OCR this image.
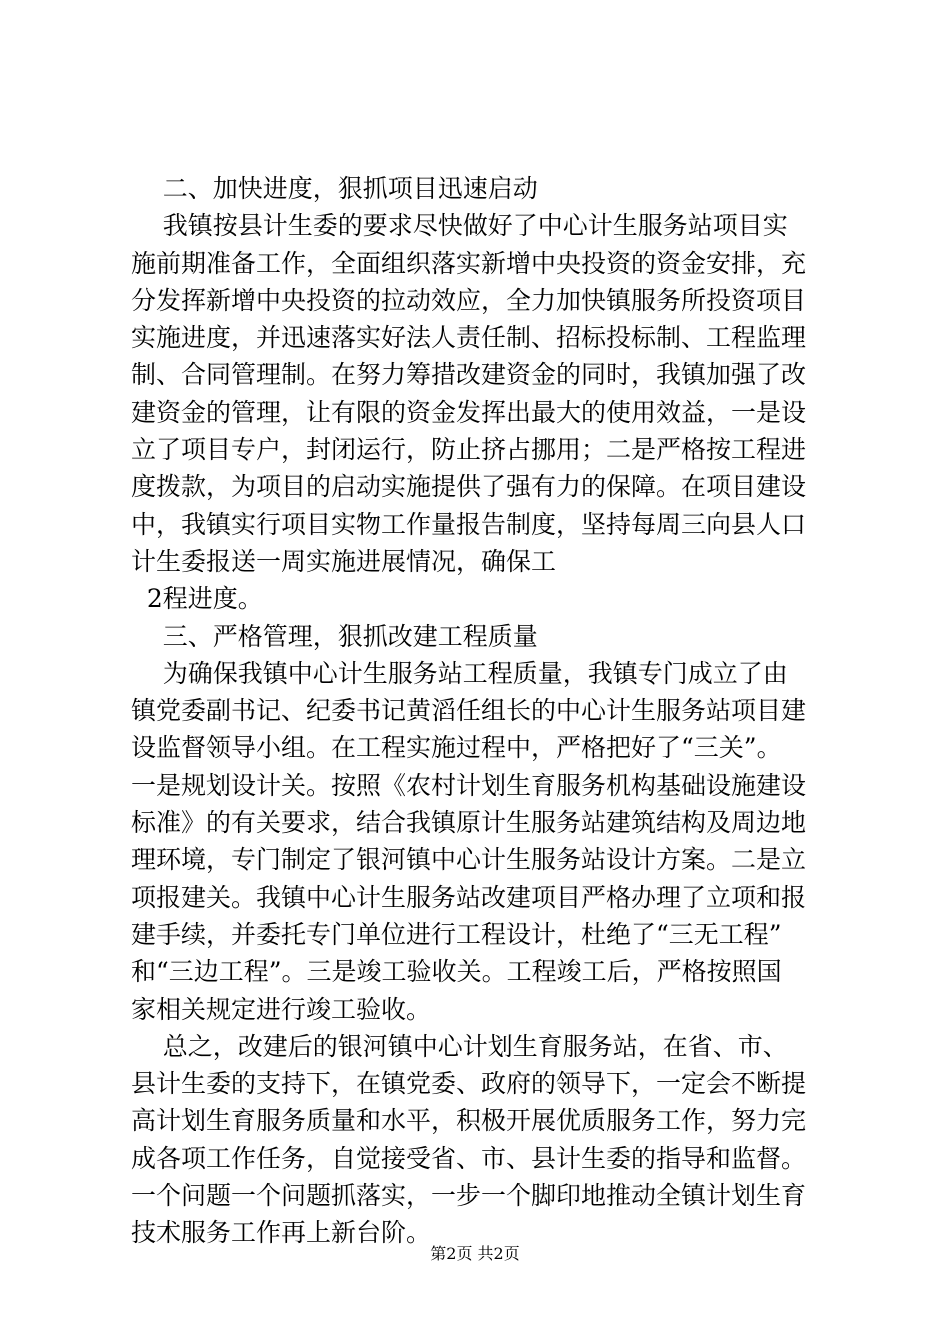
二、加快进度，狠抓项目迅速启动
我镇按县计生委的要求尽快做好了中心计生服务站项目实
施前期准备工作，全面组织落实新增中央投资的资金安排，充
分发挥新增中央投资的拉动效应，全力加快镇服务所投资项目
实施进度，并迅速落实好法人责任制、招标投标制、工程监理
制、合同管理制。在努力筹措改建资金的同时，我镇加强了改
建资金的管理，让有限的资金发挥出最大的使用效益，一是设
立了项目专户，封闭运行，防止挤占挪用；二是严格按工程进
度拨款，为项目的启动实施提供了强有力的保障。在项目建设
中，我镇实行项目实物工作量报告制度，坚持每周三向县人口
计生委报送一周实施进展情况，确保工
2程进度。
三、严格管理，狠抓改建工程质量
为确保我镇中心计生服务站工程质量，我镇专门成立了由
镇党委副书记、纪委书记黄滔任组长的中心计生服务站项目建
设监督领导小组。在工程实施过程中，严格把好了“三关”。
一是规划设计关。按照《农村计划生育服务机构基础设施建设
标准》的有关要求，结合我镇原计生服务站建筑结构及周边地
理环境，专门制定了银河镇中心计生服务站设计方案。二是立
项报建关。我镇中心计生服务站改建项目严格办理了立项和报
建手续，并委托专门单位进行工程设计，杜绝了“三无工程”
和“三边工程”。三是竣工验收关。工程竣工后，严格按照国
家相关规定进行竣工验收。
总之，改建后的银河镇中心计划生育服务站，在省、市、
县计生委的支持下，在镇党委、政府的领导下，一定会不断提
高计划生育服务质量和水平，积极开展优质服务工作，努力完
成各项工作任务，自觉接受省、市、县计生委的指导和监督。
一个问题一个问题抓落实，一步一个脚印地推动全镇计划生育
技术服务工作再上新台阶。
第2页 共2页
